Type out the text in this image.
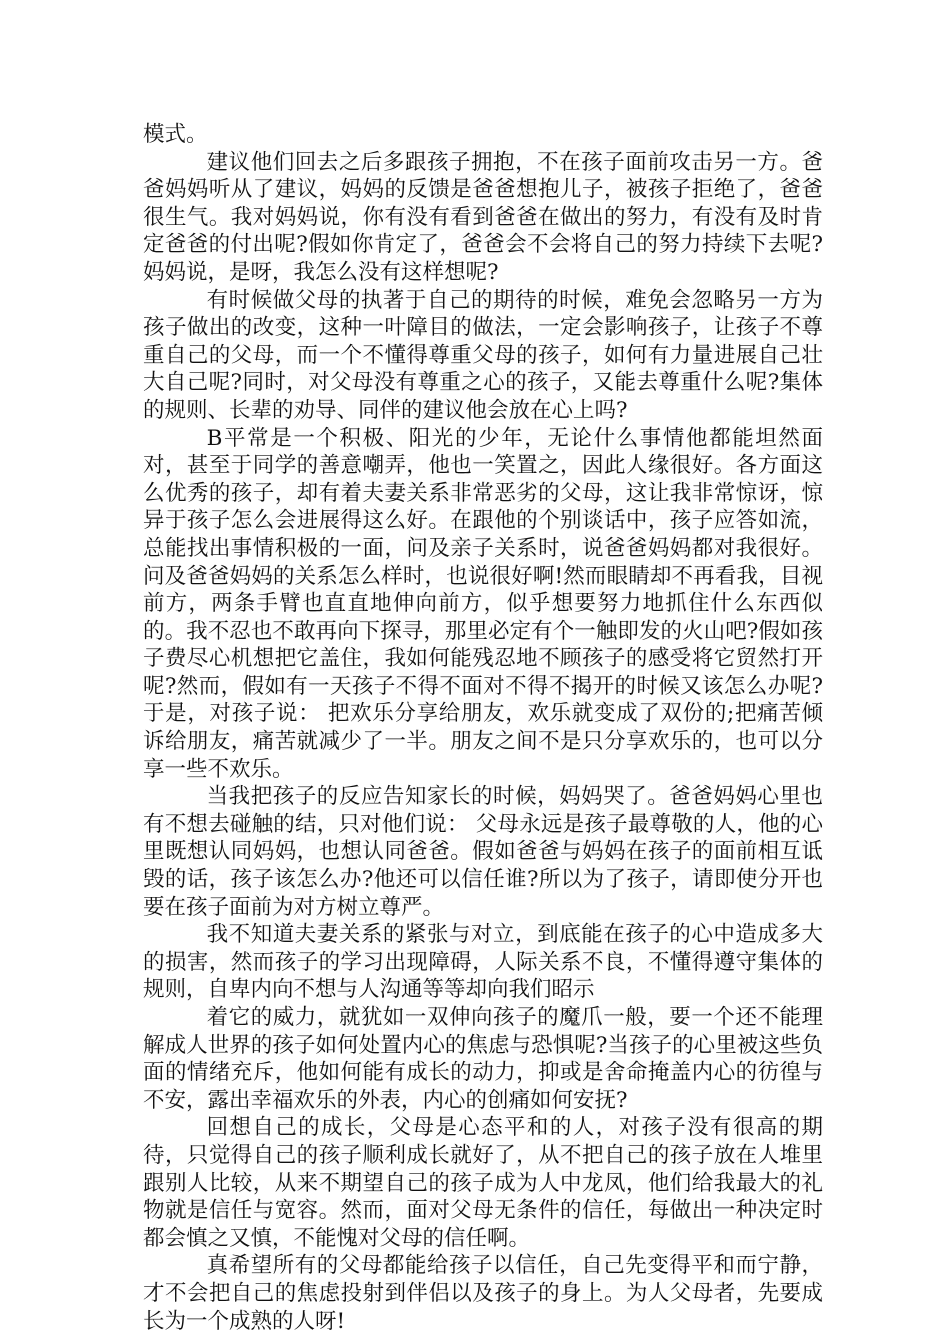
模式。

建议他们回去之后多跟孩子拥抱，不在孩子面前攻击另一方。爸爸妈妈听从了建议，妈妈的反馈是爸爸想抱儿子，被孩子拒绝了，爸爸很生气。我对妈妈说，你有没有看到爸爸在做出的努力，有没有及时肯定爸爸的付出呢?假如你肯定了，爸爸会不会将自己的努力持续下去呢?妈妈说，是呀，我怎么没有这样想呢?

有时候做父母的执著于自己的期待的时候，难免会忽略另一方为孩子做出的改变，这种一叶障目的做法，一定会影响孩子，让孩子不尊重自己的父母，而一个不懂得尊重父母的孩子，如何有力量进展自己壮大自己呢?同时，对父母没有尊重之心的孩子，又能去尊重什么呢?集体的规则、长辈的劝导、同伴的建议他会放在心上吗?

B平常是一个积极、阳光的少年，无论什么事情他都能坦然面对，甚至于同学的善意嘲弄，他也一笑置之，因此人缘很好。各方面这么优秀的孩子，却有着夫妻关系非常恶劣的父母，这让我非常惊讶，惊异于孩子怎么会进展得这么好。在跟他的个别谈话中，孩子应答如流，总能找出事情积极的一面，问及亲子关系时，说爸爸妈妈都对我很好。问及爸爸妈妈的关系怎么样时，也说很好啊!然而眼睛却不再看我，目视前方，两条手臂也直直地伸向前方，似乎想要努力地抓住什么东西似的。我不忍也不敢再向下探寻，那里必定有个一触即发的火山吧?假如孩子费尽心机想把它盖住，我如何能残忍地不顾孩子的感受将它贸然打开呢?然而，假如有一天孩子不得不面对不得不揭开的时候又该怎么办呢?于是，对孩子说： 把欢乐分享给朋友，欢乐就变成了双份的;把痛苦倾诉给朋友，痛苦就减少了一半。朋友之间不是只分享欢乐的，也可以分享一些不欢乐。

当我把孩子的反应告知家长的时候，妈妈哭了。爸爸妈妈心里也有不想去碰触的结，只对他们说： 父母永远是孩子最尊敬的人，他的心里既想认同妈妈，也想认同爸爸。假如爸爸与妈妈在孩子的面前相互诋毁的话，孩子该怎么办?他还可以信任谁?所以为了孩子，请即使分开也要在孩子面前为对方树立尊严。

我不知道夫妻关系的紧张与对立，到底能在孩子的心中造成多大的损害，然而孩子的学习出现障碍，人际关系不良，不懂得遵守集体的规则，自卑内向不想与人沟通等等却向我们昭示

着它的威力，就犹如一双伸向孩子的魔爪一般，要一个还不能理解成人世界的孩子如何处置内心的焦虑与恐惧呢?当孩子的心里被这些负面的情绪充斥，他如何能有成长的动力，抑或是舍命掩盖内心的彷徨与不安，露出幸福欢乐的外表，内心的创痛如何安抚?

回想自己的成长，父母是心态平和的人，对孩子没有很高的期待，只觉得自己的孩子顺利成长就好了，从不把自己的孩子放在人堆里跟别人比较，从来不期望自己的孩子成为人中龙凤，他们给我最大的礼物就是信任与宽容。然而，面对父母无条件的信任，每做出一种决定时都会慎之又慎，不能愧对父母的信任啊。

真希望所有的父母都能给孩子以信任，自己先变得平和而宁静，才不会把自己的焦虑投射到伴侣以及孩子的身上。为人父母者，先要成长为一个成熟的人呀!
